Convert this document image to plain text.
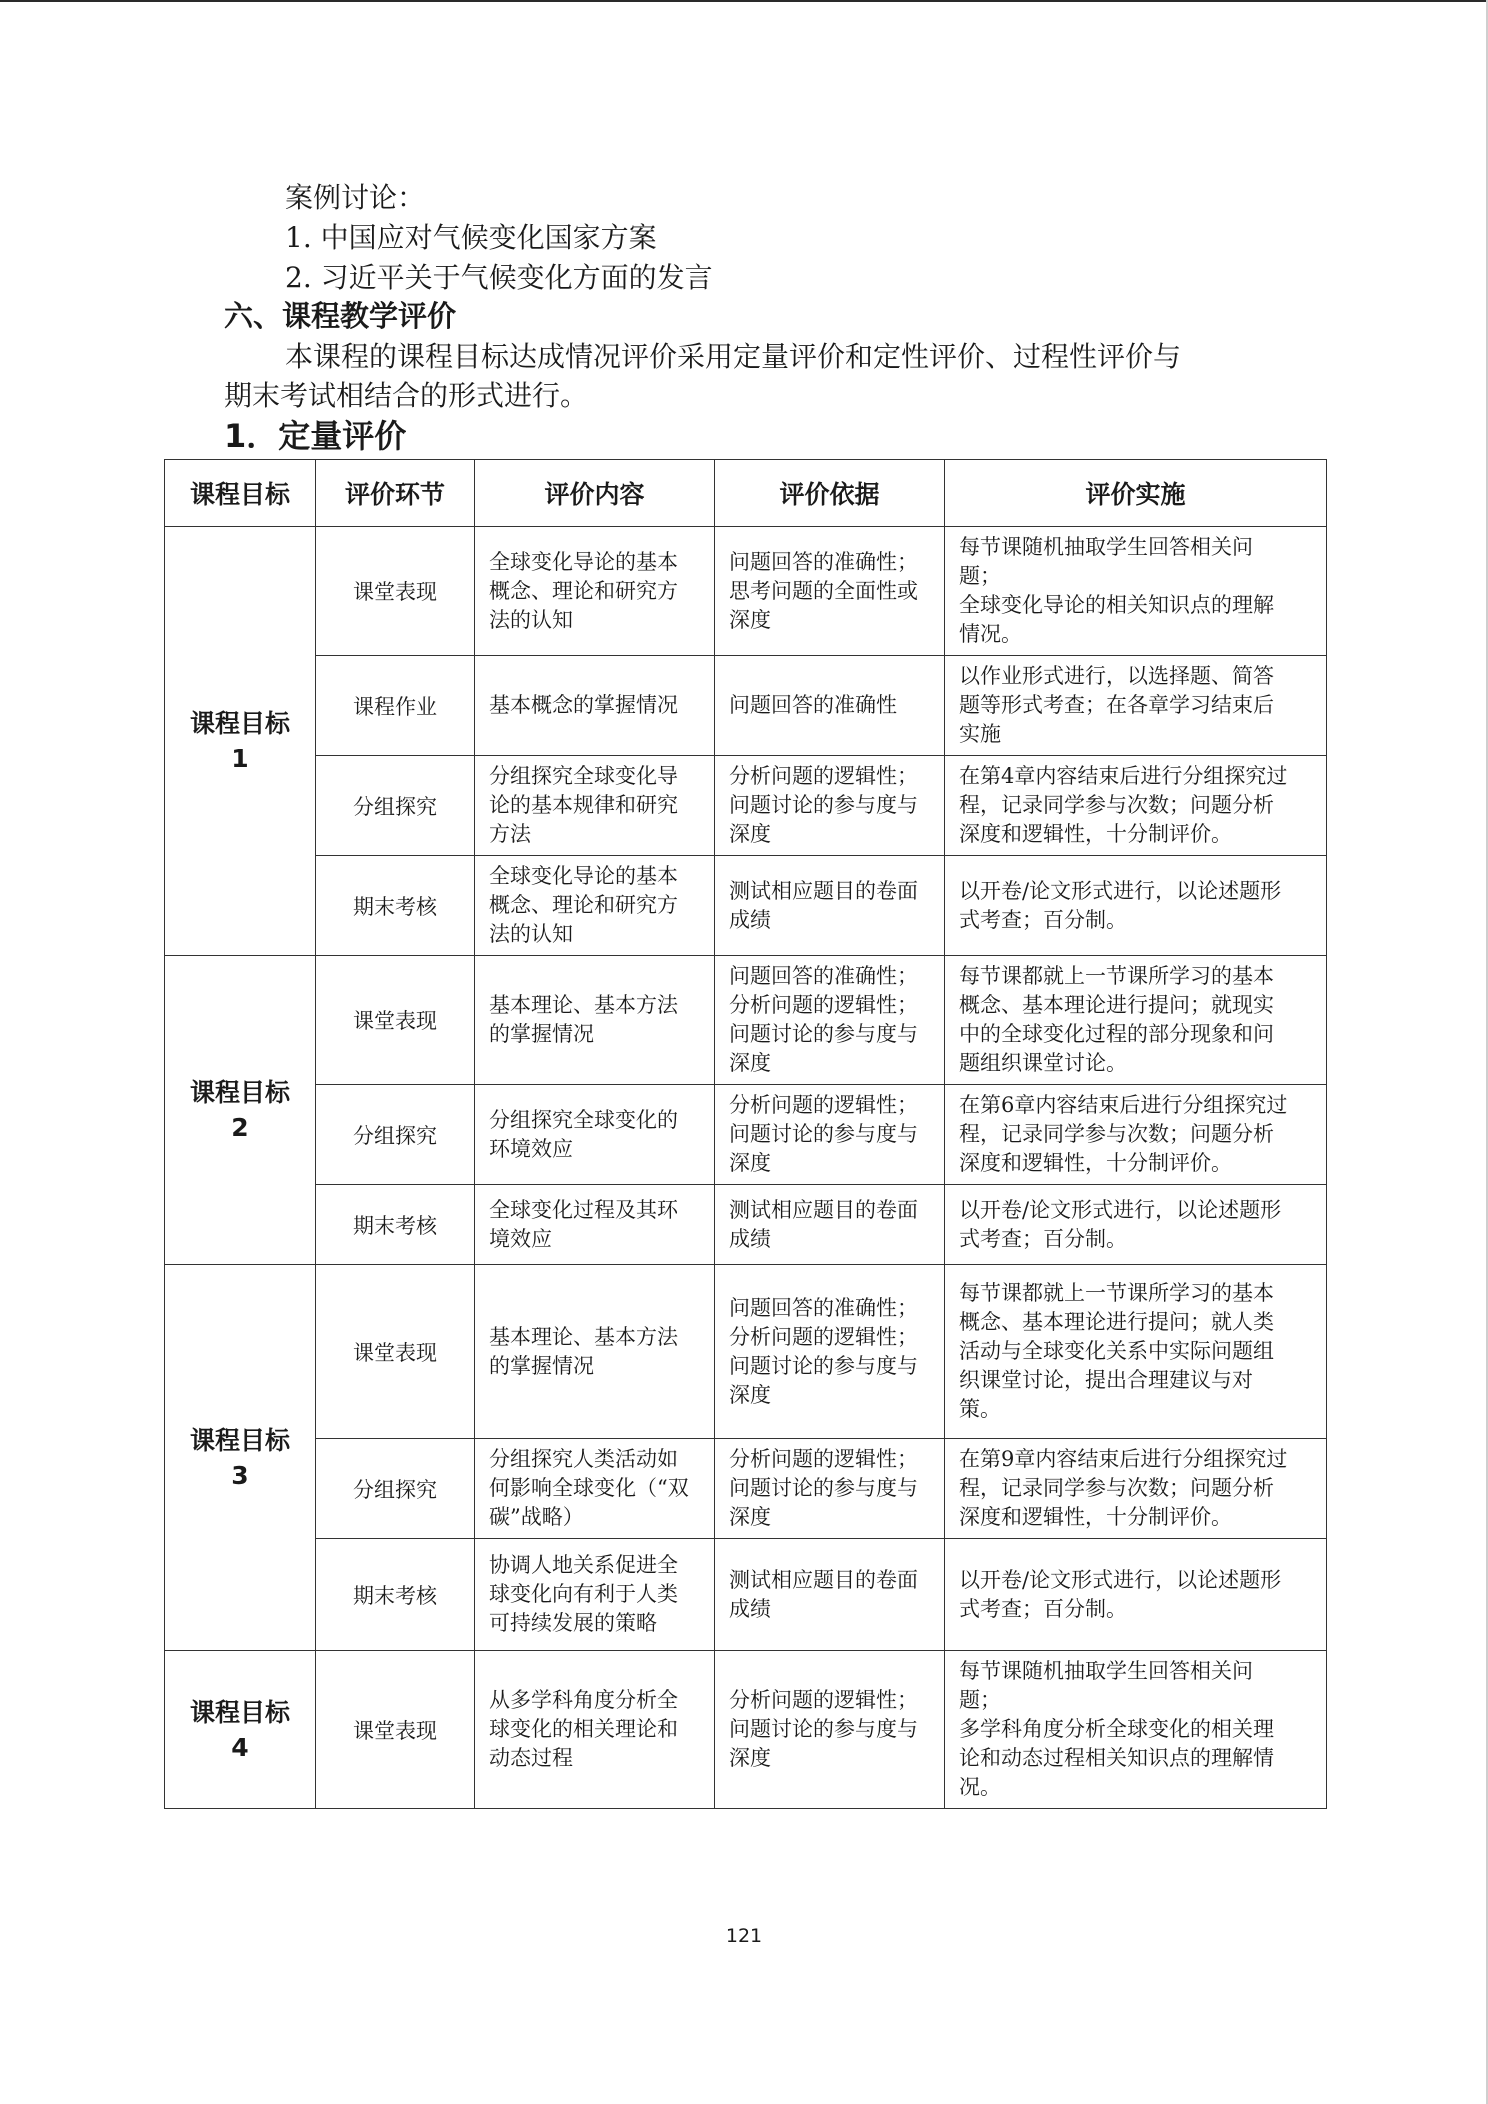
案例讨论：
1. 中国应对气候变化国家方案
2. 习近平关于气候变化方面的发言
六、课程教学评价
本课程的课程目标达成情况评价采用定量评价和定性评价、过程性评价与
期末考试相结合的形式进行。
1．定量评价
课程目标	评价环节	评价内容	评价依据	评价实施
课程目标
1	课堂表现	全球变化导论的基本
概念、理论和研究方
法的认知	问题回答的准确性；
思考问题的全面性或
深度	每节课随机抽取学生回答相关问
题；
全球变化导论的相关知识点的理解
情况。
	课程作业	基本概念的掌握情况	问题回答的准确性	以作业形式进行，以选择题、简答
题等形式考查；在各章学习结束后
实施
	分组探究	分组探究全球变化导
论的基本规律和研究
方法	分析问题的逻辑性；
问题讨论的参与度与
深度	在第4章内容结束后进行分组探究过
程，记录同学参与次数；问题分析
深度和逻辑性，十分制评价。
	期末考核	全球变化导论的基本
概念、理论和研究方
法的认知	测试相应题目的卷面
成绩	以开卷/论文形式进行，以论述题形
式考查；百分制。
课程目标
2	课堂表现	基本理论、基本方法
的掌握情况	问题回答的准确性；
分析问题的逻辑性；
问题讨论的参与度与
深度	每节课都就上一节课所学习的基本
概念、基本理论进行提问；就现实
中的全球变化过程的部分现象和问
题组织课堂讨论。
	分组探究	分组探究全球变化的
环境效应	分析问题的逻辑性；
问题讨论的参与度与
深度	在第6章内容结束后进行分组探究过
程，记录同学参与次数；问题分析
深度和逻辑性，十分制评价。
	期末考核	全球变化过程及其环
境效应	测试相应题目的卷面
成绩	以开卷/论文形式进行，以论述题形
式考查；百分制。
课程目标
3	课堂表现	基本理论、基本方法
的掌握情况	问题回答的准确性；
分析问题的逻辑性；
问题讨论的参与度与
深度	每节课都就上一节课所学习的基本
概念、基本理论进行提问；就人类
活动与全球变化关系中实际问题组
织课堂讨论，提出合理建议与对
策。
	分组探究	分组探究人类活动如
何影响全球变化（“双
碳”战略）	分析问题的逻辑性；
问题讨论的参与度与
深度	在第9章内容结束后进行分组探究过
程，记录同学参与次数；问题分析
深度和逻辑性，十分制评价。
	期末考核	协调人地关系促进全
球变化向有利于人类
可持续发展的策略	测试相应题目的卷面
成绩	以开卷/论文形式进行，以论述题形
式考查；百分制。
课程目标
4	课堂表现	从多学科角度分析全
球变化的相关理论和
动态过程	分析问题的逻辑性；
问题讨论的参与度与
深度	每节课随机抽取学生回答相关问
题；
多学科角度分析全球变化的相关理
论和动态过程相关知识点的理解情
况。
121
